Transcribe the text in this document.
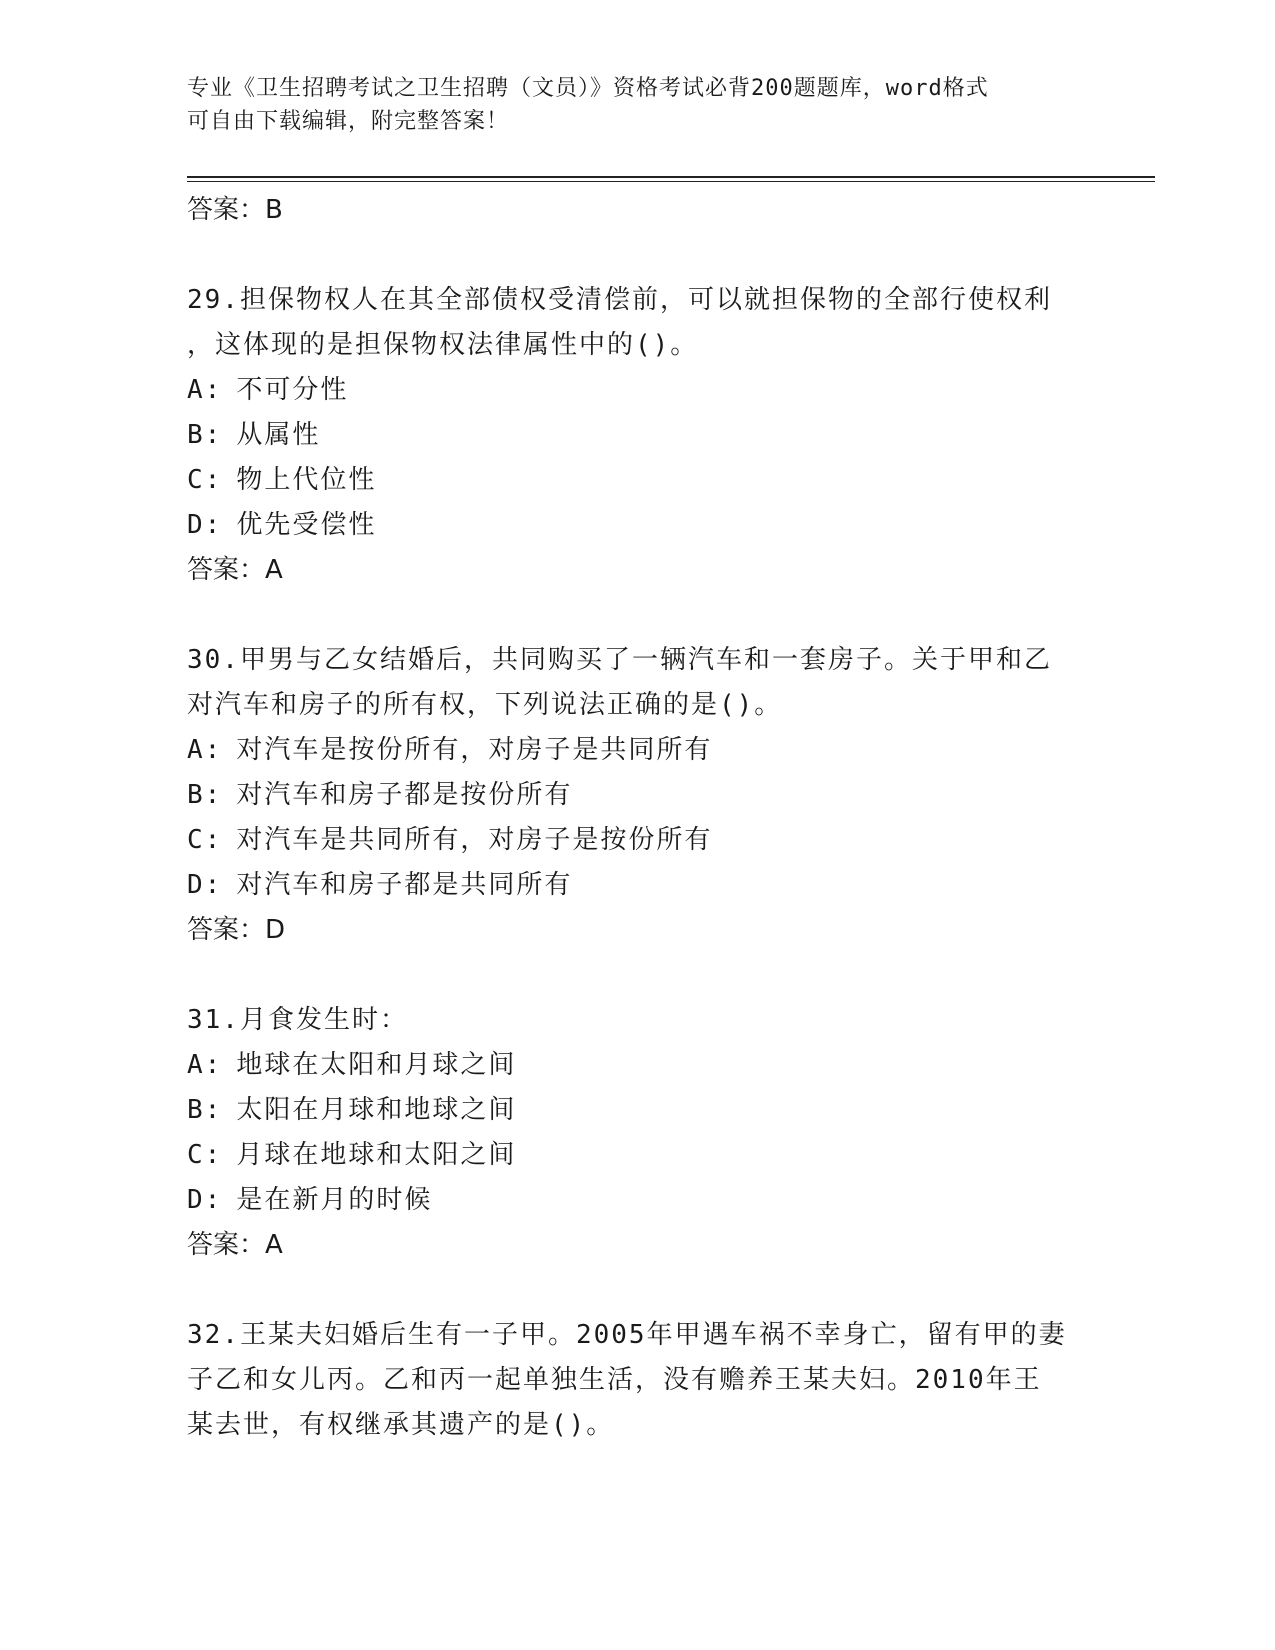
专业《卫生招聘考试之卫生招聘（文员）》资格考试必背200题题库，word格式
可自由下载编辑，附完整答案！

答案：B

29.担保物权人在其全部债权受清偿前，可以就担保物的全部行使权利

，这体现的是担保物权法律属性中的()。

A: 不可分性

B: 从属性

C: 物上代位性

D: 优先受偿性

答案：A

30.甲男与乙女结婚后，共同购买了一辆汽车和一套房子。关于甲和乙

对汽车和房子的所有权，下列说法正确的是()。

A: 对汽车是按份所有，对房子是共同所有

B: 对汽车和房子都是按份所有

C: 对汽车是共同所有，对房子是按份所有

D: 对汽车和房子都是共同所有

答案：D

31.月食发生时：

A: 地球在太阳和月球之间

B: 太阳在月球和地球之间

C: 月球在地球和太阳之间

D: 是在新月的时候

答案：A

32.王某夫妇婚后生有一子甲。2005年甲遇车祸不幸身亡，留有甲的妻

子乙和女儿丙。乙和丙一起单独生活，没有赡养王某夫妇。2010年王

某去世，有权继承其遗产的是()。
